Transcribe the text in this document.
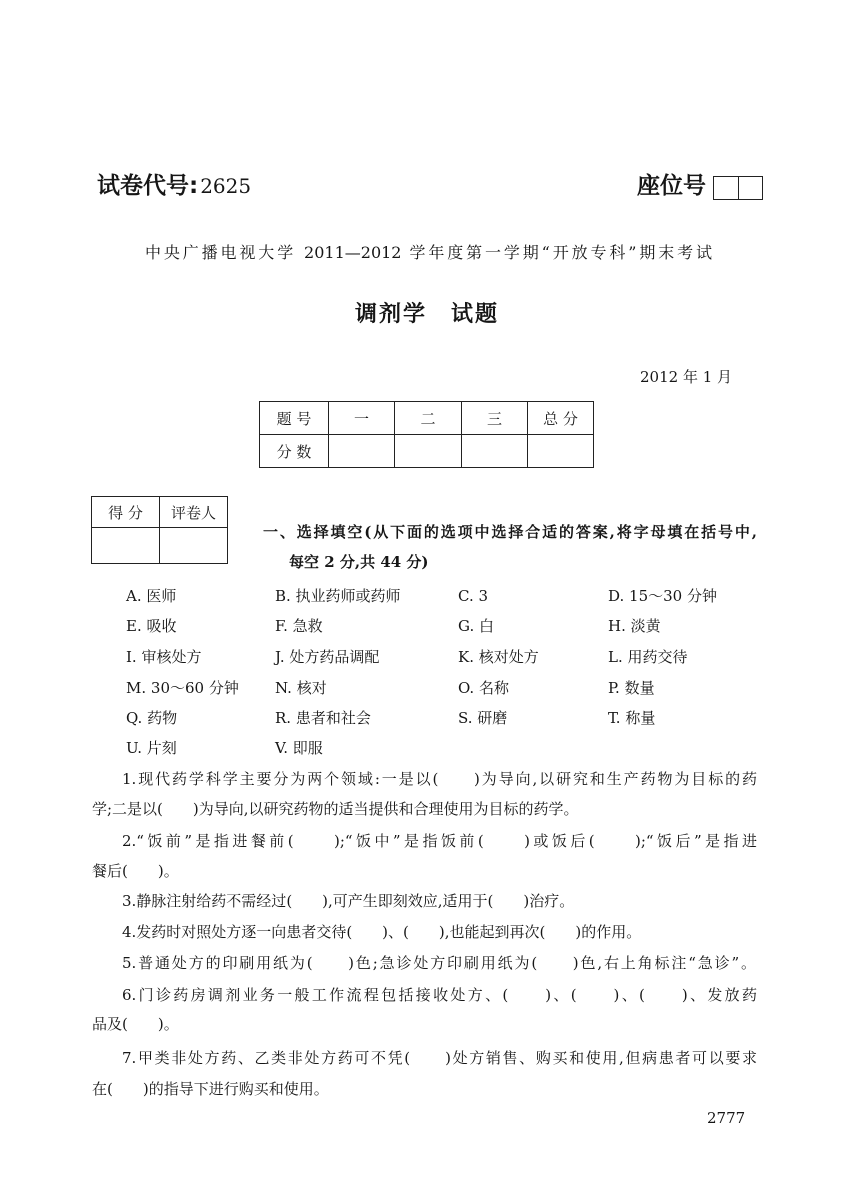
试卷代号: 2625	座位号
中央广播电视大学 2011—2012 学年度第一学期“开放专科”期末考试
调剂学　试题
2012 年 1 月
题 号	一	二	三	总 分
分 数				
得 分	评卷人

一、选择填空(从下面的选项中选择合适的答案,将字母填在括号中,
每空 2 分,共 44 分)
A. 医师	B. 执业药师或药师	C. 3	D. 15～30 分钟
E. 吸收	F. 急救	G. 白	H. 淡黄
I. 审核处方	J. 处方药品调配	K. 核对处方	L. 用药交待
M. 30～60 分钟 N. 核对	O. 名称	P. 数量
Q. 药物	R. 患者和社会	S. 研磨	T. 称量
U. 片刻	V. 即服
1.现代药学科学主要分为两个领域:一是以(　　)为导向,以研究和生产药物为目标的药
学;二是以(　　)为导向,以研究药物的适当提供和合理使用为目标的药学。
2.“饭前”是指进餐前(　　);“饭中”是指饭前(　　)或饭后(　　);“饭后”是指进
餐后(　　)。
3.静脉注射给药不需经过(　　),可产生即刻效应,适用于(　　)治疗。
4.发药时对照处方逐一向患者交待(　　)、(　　),也能起到再次(　　)的作用。
5.普通处方的印刷用纸为(　　)色;急诊处方印刷用纸为(　　)色,右上角标注“急诊”。
6.门诊药房调剂业务一般工作流程包括接收处方、(　　)、(　　)、(　　)、发放药
品及(　　)。
7.甲类非处方药、乙类非处方药可不凭(　　)处方销售、购买和使用,但病患者可以要求
在(　　)的指导下进行购买和使用。
2777
